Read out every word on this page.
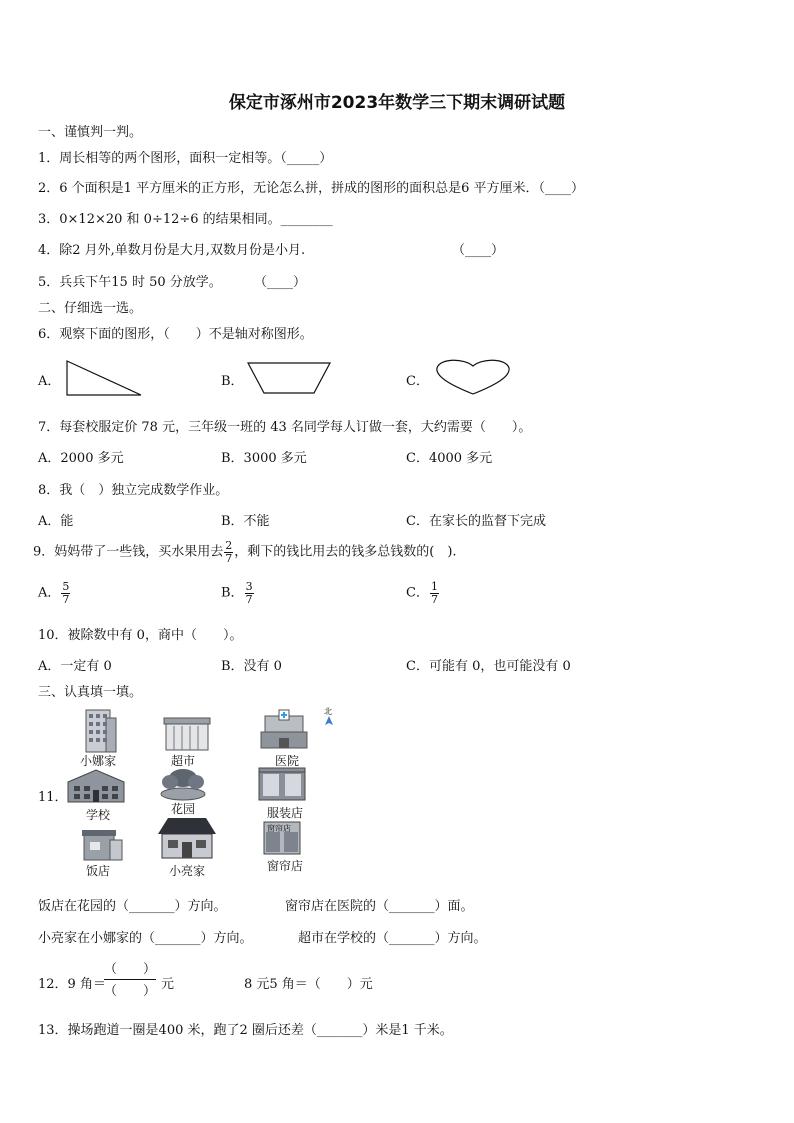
保定市涿州市2023年数学三下期末调研试题
一、谨慎判一判。
1．周长相等的两个图形，面积一定相等。（_____）
2．6 个面积是1 平方厘米的正方形，无论怎么拼，拼成的图形的面积总是6 平方厘米．（____）
3．0×12×20 和 0÷12÷6 的结果相同。________
4．除2 月外,单数月份是大月,双数月份是小月.	（____）
5．兵兵下午15 时 50 分放学。 （____）
二、仔细选一选。
6．观察下面的图形，（　　）不是轴对称图形。
A．	B．	C．
7．每套校服定价 78 元，三年级一班的 43 名同学每人订做一套，大约需要（　　）。
A．2000 多元	B．3000 多元	C．4000 多元
8．我（　）独立完成数学作业。
A．能	B．不能	C．在家长的监督下完成
9．妈妈带了一些钱，买水果用去 $\frac{2}{7}$ ，剩下的钱比用去的钱多总钱数的(　).
A． $\frac{5}{7}$	B． $\frac{3}{7}$	C． $\frac{1}{7}$
10．被除数中有 0，商中（　　）。
A．一定有 0	B．没有 0	C．可能有 0，也可能没有 0
三、认真填一填。
11．
北
小娜家	超市	医院
学校	花园	服装店
饭店	小亮家
窗帘店
窗帘店
饭店在花园的（_______）方向。	窗帘店在医院的（_______）面。
小亮家在小娜家的（_______）方向。	超市在学校的（_______）方向。
12．9 角＝
（　　）
（　　） 元	8 元5 角＝（　　）元
13．操场跑道一圈是400 米，跑了2 圈后还差（_______）米是1 千米。
